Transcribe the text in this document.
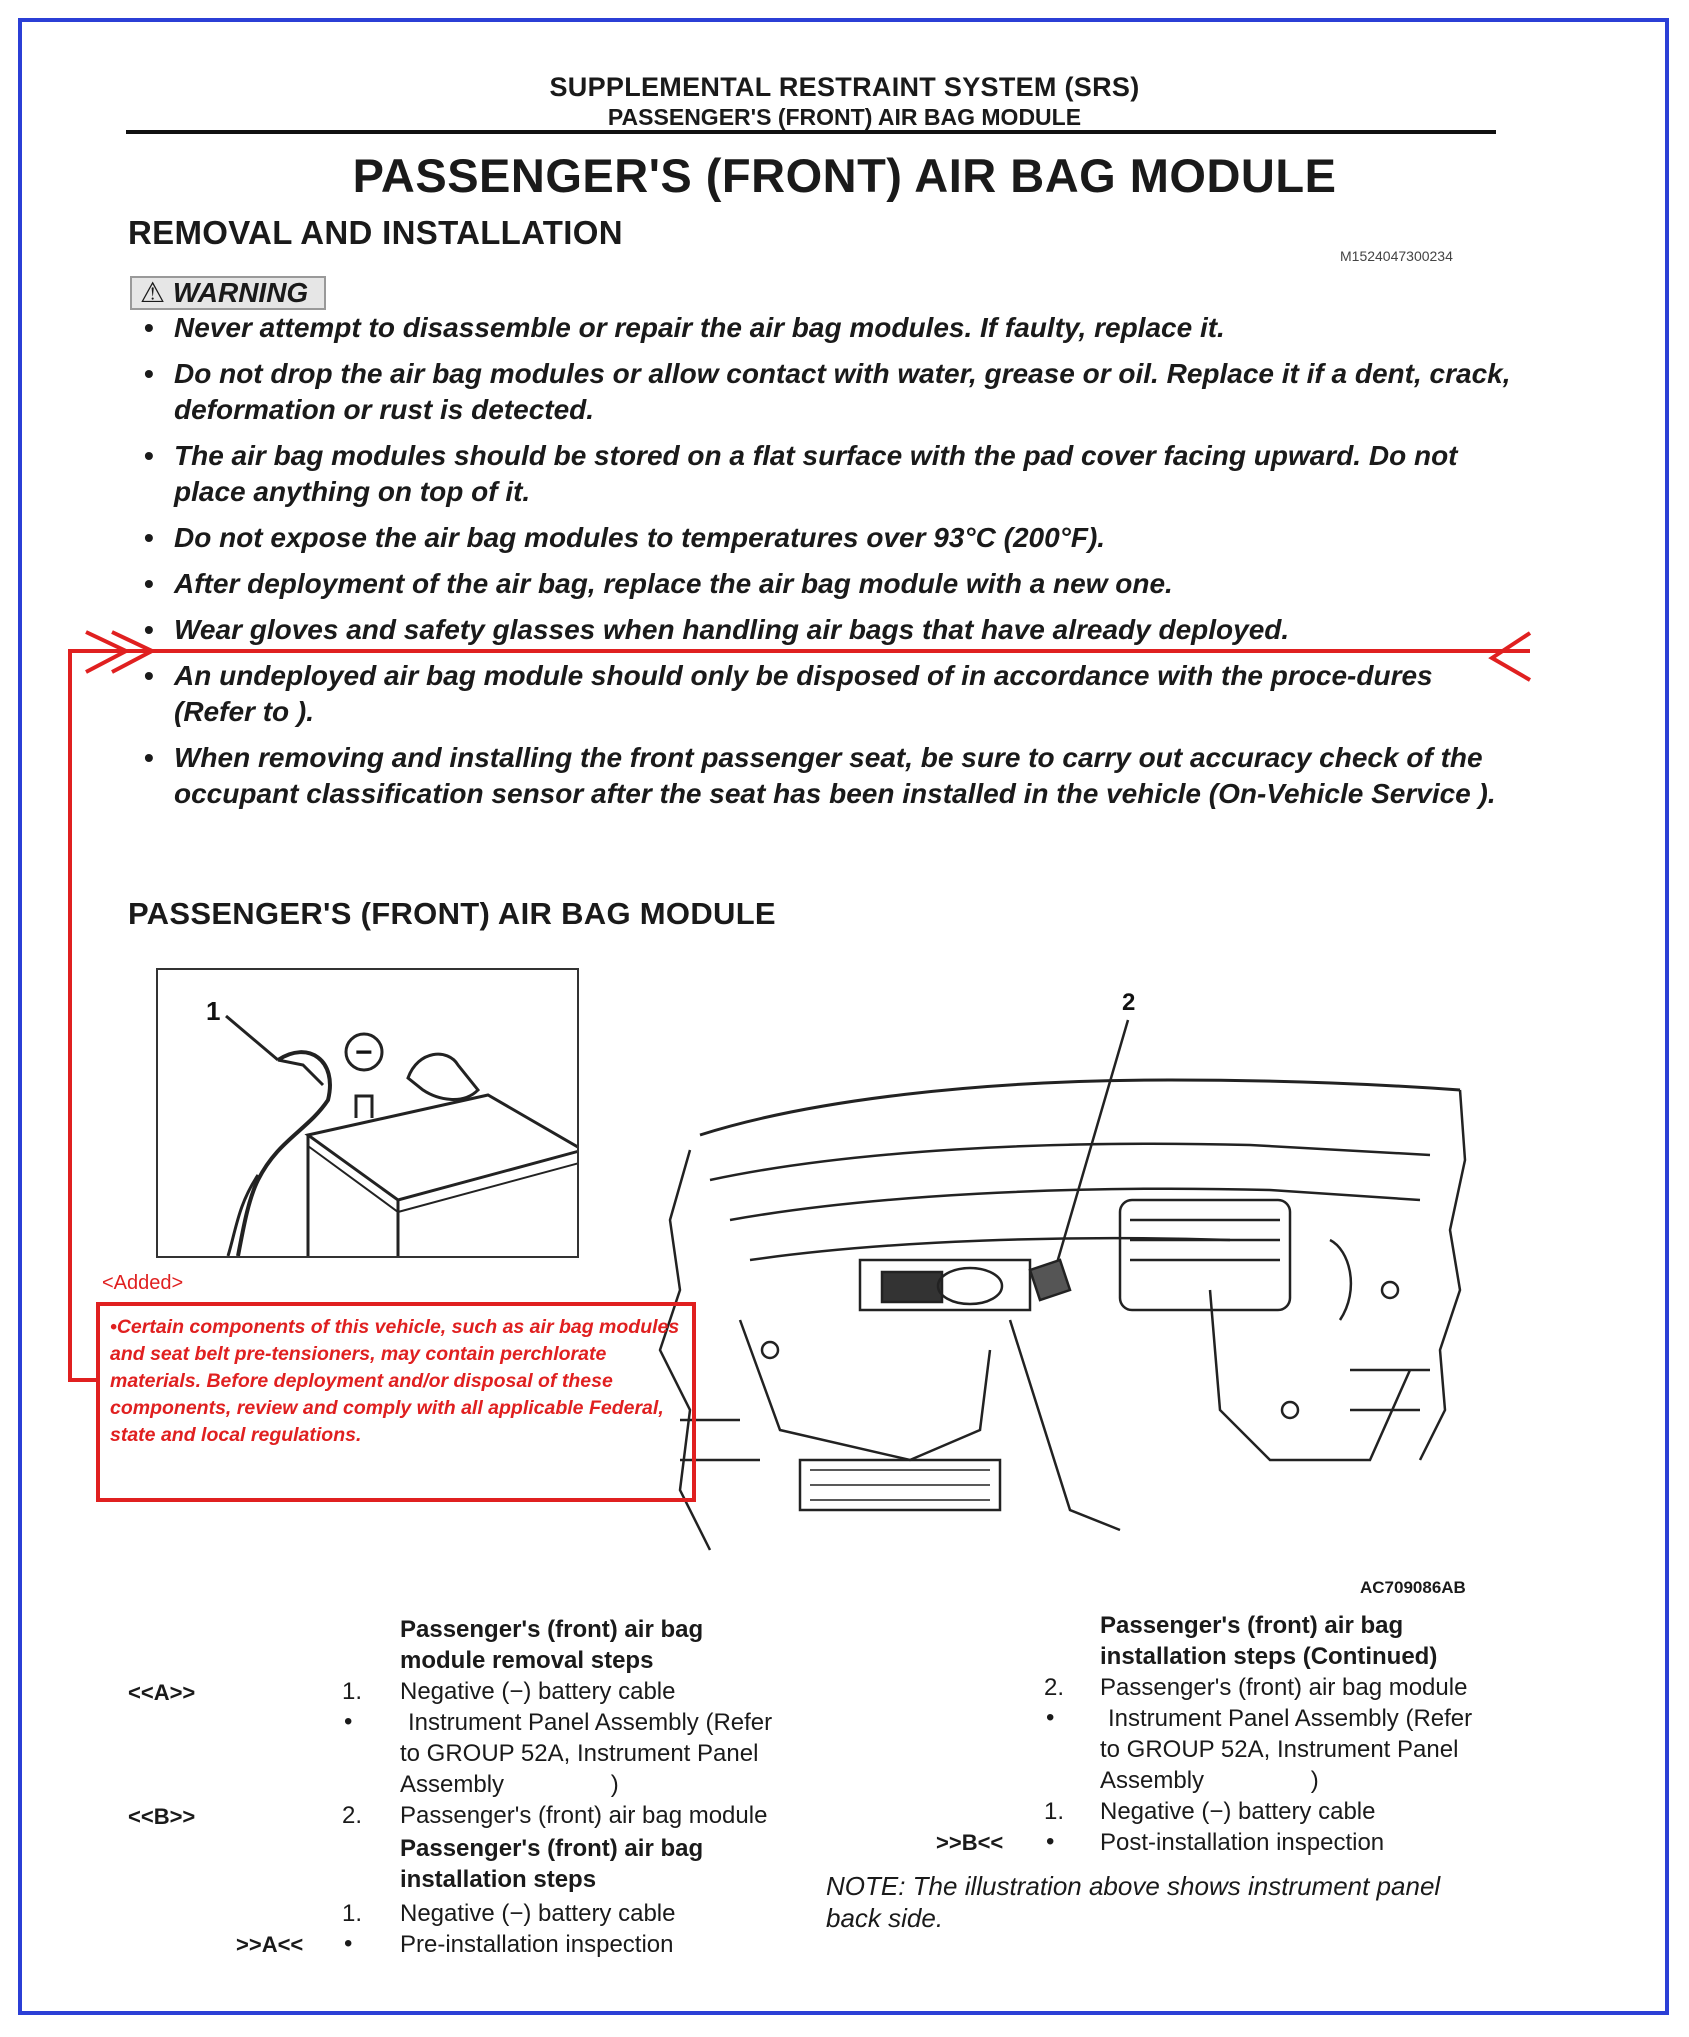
SUPPLEMENTAL RESTRAINT SYSTEM (SRS)
PASSENGER'S (FRONT) AIR BAG MODULE
PASSENGER'S (FRONT) AIR BAG MODULE
REMOVAL AND INSTALLATION
M1524047300234
⚠ WARNING
• Never attempt to disassemble or repair the air bag modules. If faulty, replace it.
• Do not drop the air bag modules or allow contact with water, grease or oil. Replace it if a dent, crack, deformation or rust is detected.
• The air bag modules should be stored on a flat surface with the pad cover facing upward. Do not place anything on top of it.
• Do not expose the air bag modules to temperatures over 93°C (200°F).
• After deployment of the air bag, replace the air bag module with a new one.
• Wear gloves and safety glasses when handling air bags that have already deployed.
• An undeployed air bag module should only be disposed of in accordance with the proce-dures (Refer to ).
• When removing and installing the front passenger seat, be sure to carry out accuracy check of the occupant classification sensor after the seat has been installed in the vehicle (On-Vehicle Service ).
PASSENGER'S (FRONT) AIR BAG MODULE
1
−
2
<Added>
•Certain components of this vehicle, such as air bag modules and seat belt pre-tensioners, may contain perchlorate materials. Before deployment and/or disposal of these components, review and comply with all applicable Federal, state and local regulations.
AC709086AB
Passenger's (front) air bag
module removal steps
<<A>>	1. Negative (−) battery cable
• Instrument Panel Assembly (Refer
to GROUP 52A, Instrument Panel
Assembly                )
<<B>>	2. Passenger's (front) air bag module
Passenger's (front) air bag
installation steps
1. Negative (−) battery cable
>>A<< • Pre-installation inspection
Passenger's (front) air bag
installation steps (Continued)
2. Passenger's (front) air bag module
• Instrument Panel Assembly (Refer
to GROUP 52A, Instrument Panel
Assembly                )
1. Negative (−) battery cable
>>B<< • Post-installation inspection
NOTE: The illustration above shows instrument panel back side.
